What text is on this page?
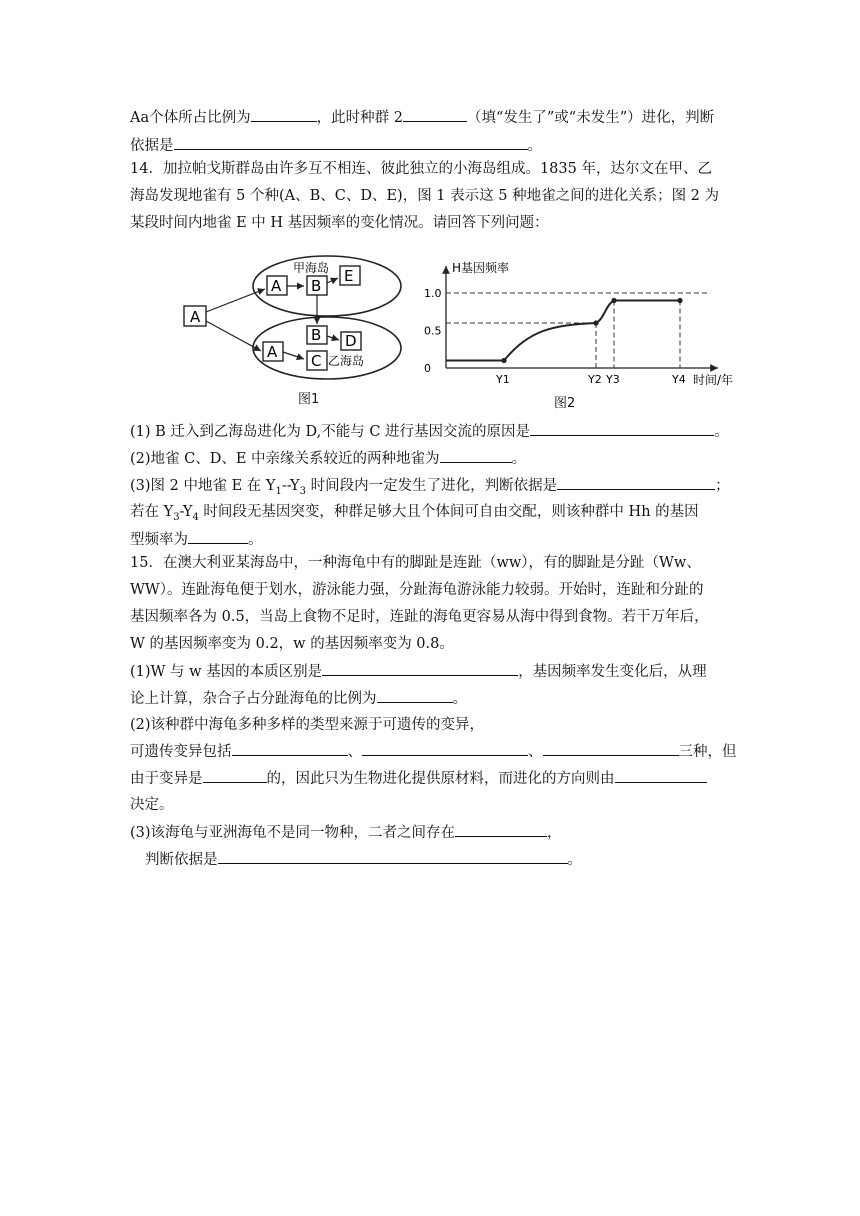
Aa个体所占比例为	，此时种群 2	（填“发生了”或“未发生”）进化，判断
依据是	。
14．加拉帕戈斯群岛由许多互不相连、彼此独立的小海岛组成。1835 年，达尔文在甲、乙
海岛发现地雀有 5 个种(A、B、C、D、E)，图 1 表示这 5 种地雀之间的进化关系；图 2 为
某段时间内地雀 E 中 H 基因频率的变化情况。请回答下列问题：
A
A B
E
甲海岛
B D
A C 乙海岛
图1
H基因频率
时间/年
1.0
0.5
0
Y1	Y2 Y3	Y4
图2
(1) B 迁入到乙海岛进化为 D,不能与 C 进行基因交流的原因是	。
(2)地雀 C、D、E 中亲缘关系较近的两种地雀为	。
(3)图 2 中地雀 E 在 $Y_1--Y_3$ 时间段内一定发生了进化，判断依据是	；
若在 $Y_3-Y_4$ 时间段无基因突变，种群足够大且个体间可自由交配，则该种群中 Hh 的基因
型频率为	。
15．在澳大利亚某海岛中，一种海龟中有的脚趾是连趾（ww），有的脚趾是分趾（Ww、
WW）。连趾海龟便于划水，游泳能力强，分趾海龟游泳能力较弱。开始时，连趾和分趾的
基因频率各为 0.5，当岛上食物不足时，连趾的海龟更容易从海中得到食物。若干万年后，
W 的基因频率变为 0.2，w 的基因频率变为 0.8。
(1)W 与 w 基因的本质区别是	，基因频率发生变化后，从理
论上计算，杂合子占分趾海龟的比例为	。
(2)该种群中海龟多种多样的类型来源于可遗传的变异，
可遗传变异包括	、	、	三种，但
由于变异是	的，因此只为生物进化提供原材料，而进化的方向则由
决定。
(3)该海龟与亚洲海龟不是同一物种，二者之间存在	，
判断依据是	。
